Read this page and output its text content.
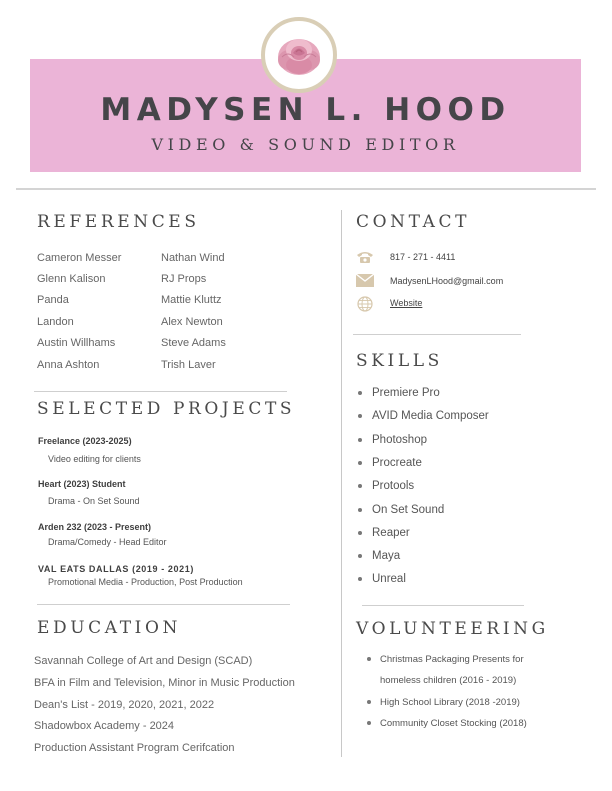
MADYSEN L. HOOD
VIDEO & SOUND EDITOR
REFERENCES
Cameron Messer
Glenn Kalison
Panda
Landon
Austin Willhams
Anna Ashton
Nathan Wind
RJ Props
Mattie Kluttz
Alex Newton
Steve Adams
Trish Laver
SELECTED PROJECTS
Freelance (2023-2025)
Video editing for clients
Heart (2023) Student
Drama - On Set Sound
Arden 232 (2023 - Present)
Drama/Comedy - Head Editor
VAL EATS DALLAS (2019 - 2021)
Promotional Media - Production, Post Production
EDUCATION
Savannah College of Art and Design (SCAD)
BFA in Film and Television, Minor in Music Production
Dean's List - 2019, 2020, 2021, 2022
Shadowbox Academy - 2024
Production Assistant Program Cerifcation
CONTACT
817 - 271 - 4411
MadysenLHood@gmail.com
Website
SKILLS
Premiere Pro
AVID Media Composer
Photoshop
Procreate
Protools
On Set Sound
Reaper
Maya
Unreal
VOLUNTEERING
Christmas Packaging Presents for
homeless children (2016 - 2019)
High School Library (2018 -2019)
Community Closet Stocking (2018)
